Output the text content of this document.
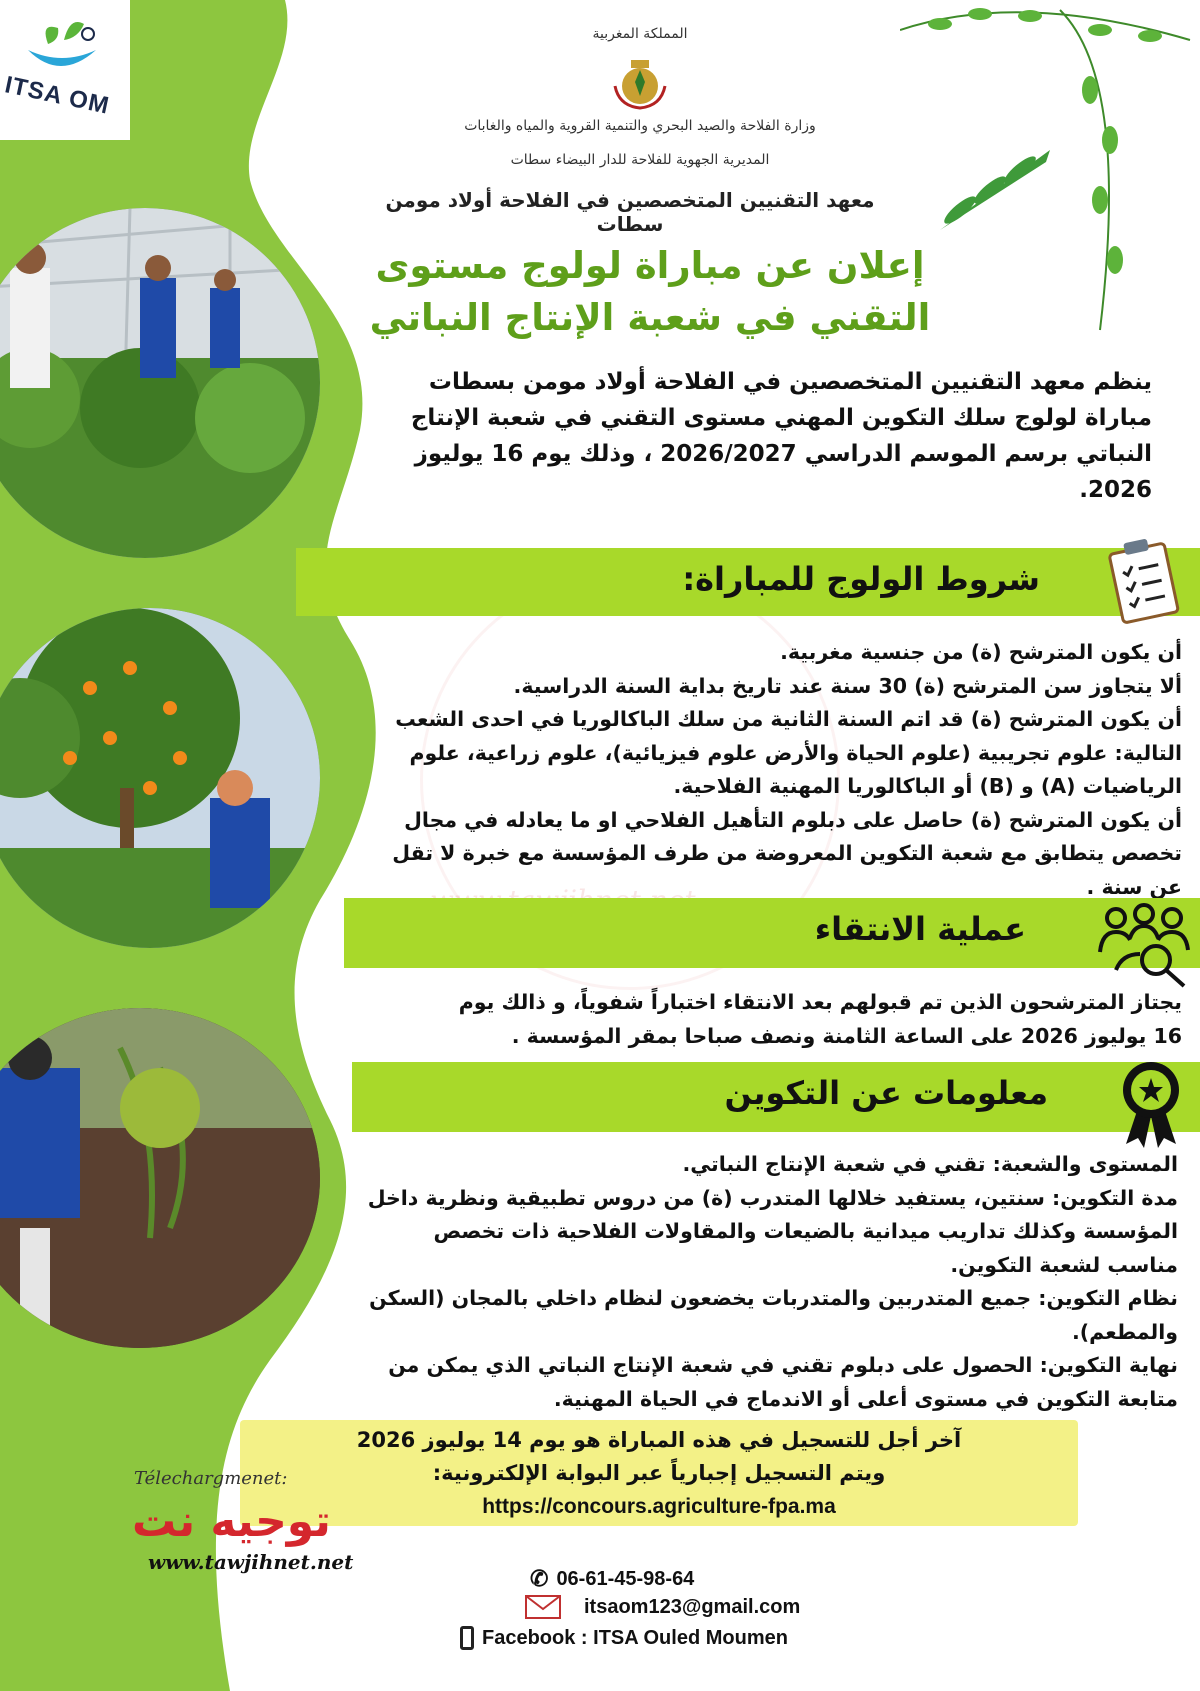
ITSA OM
المملكة المغربية
وزارة الفلاحة والصيد البحري والتنمية القروية والمياه والغابات
المديرية الجهوية للفلاحة للدار البيضاء سطات
معهد التقنيين المتخصصين في الفلاحة أولاد مومن سطات
إعلان عن مباراة لولوج مستوى
التقني في شعبة الإنتاج النباتي
ينظم معهد التقنيين المتخصصين في الفلاحة أولاد مومن بسطات مباراة لولوج سلك التكوين المهني مستوى التقني في شعبة الإنتاج النباتي برسم الموسم الدراسي 2026/2027 ، وذلك يوم 16 يوليوز 2026.
شروط الولوج للمباراة:
أن يكون المترشح (ة) من جنسية مغربية.
ألا يتجاوز سن المترشح (ة) 30 سنة عند تاريخ بداية السنة الدراسية.
أن يكون المترشح (ة) قد اتم السنة الثانية من سلك الباكالوريا في احدى الشعب التالية: علوم تجريبية (علوم الحياة والأرض علوم فيزيائية)، علوم زراعية، علوم الرياضيات (A) و (B) أو الباكالوريا المهنية الفلاحية.
أن يكون المترشح (ة) حاصل على دبلوم التأهيل الفلاحي او ما يعادله في مجال تخصص يتطابق مع شعبة التكوين المعروضة من طرف المؤسسة مع خبرة لا تقل عن سنة .
عملية الانتقاء
يجتاز المترشحون الذين تم قبولهم بعد الانتقاء اختباراً شفوياً، و ذالك يوم 16 يوليوز 2026 على الساعة الثامنة ونصف صباحا بمقر المؤسسة .
معلومات عن التكوين
المستوى والشعبة: تقني في شعبة الإنتاج النباتي.
مدة التكوين: سنتين، يستفيد خلالها المتدرب (ة) من دروس تطبيقية ونظرية داخل المؤسسة وكذلك تداريب ميدانية بالضيعات والمقاولات الفلاحية ذات تخصص مناسب لشعبة التكوين.
نظام التكوين: جميع المتدربين والمتدربات يخضعون لنظام داخلي بالمجان (السكن والمطعم).
نهاية التكوين: الحصول على دبلوم تقني في شعبة الإنتاج النباتي الذي يمكن من متابعة التكوين في مستوى أعلى أو الاندماج في الحياة المهنية.

آخر أجل للتسجيل في هذه المباراة هو يوم 14 يوليوز 2026

ويتم التسجيل إجبارياً عبر البوابة الإلكترونية:

https://concours.agriculture-fpa.ma

Télechargmenet:
توجيه نت
www.tawjihnet.net
✆ 06-61-45-98-64
itsaom123@gmail.com
Facebook : ITSA Ouled Moumen
